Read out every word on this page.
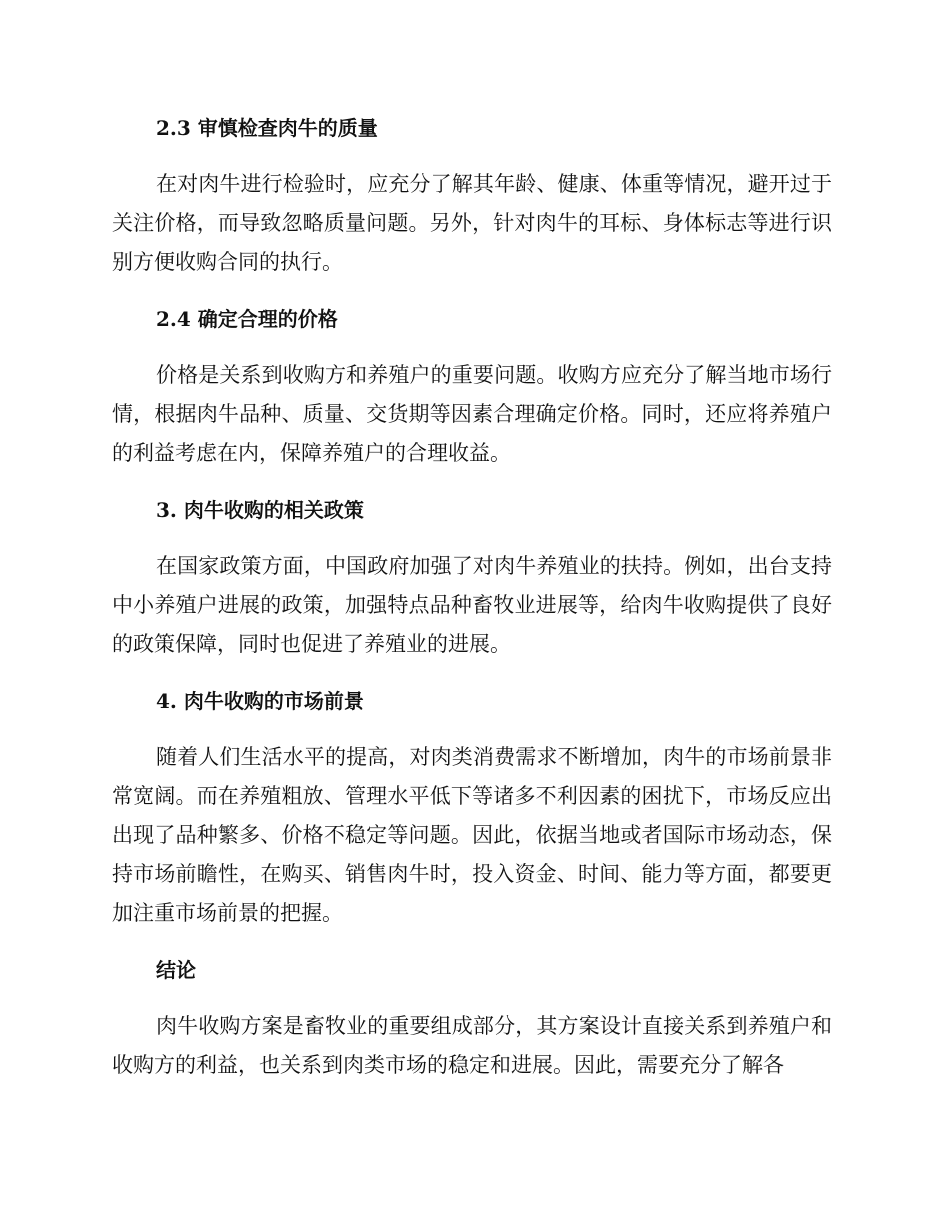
2.3 审慎检查肉牛的质量

在对肉牛进行检验时，应充分了解其年龄、健康、体重等情况，避开过于关注价格，而导致忽略质量问题。另外，针对肉牛的耳标、身体标志等进行识别方便收购合同的执行。

2.4 确定合理的价格

价格是关系到收购方和养殖户的重要问题。收购方应充分了解当地市场行情，根据肉牛品种、质量、交货期等因素合理确定价格。同时，还应将养殖户的利益考虑在内，保障养殖户的合理收益。

3. 肉牛收购的相关政策

在国家政策方面，中国政府加强了对肉牛养殖业的扶持。例如，出台支持中小养殖户进展的政策，加强特点品种畜牧业进展等，给肉牛收购提供了良好的政策保障，同时也促进了养殖业的进展。

4. 肉牛收购的市场前景

随着人们生活水平的提高，对肉类消费需求不断增加，肉牛的市场前景非常宽阔。而在养殖粗放、管理水平低下等诸多不利因素的困扰下，市场反应出出现了品种繁多、价格不稳定等问题。因此，依据当地或者国际市场动态，保持市场前瞻性，在购买、销售肉牛时，投入资金、时间、能力等方面，都要更加注重市场前景的把握。

结论

肉牛收购方案是畜牧业的重要组成部分，其方案设计直接关系到养殖户和收购方的利益，也关系到肉类市场的稳定和进展。因此，需要充分了解各
